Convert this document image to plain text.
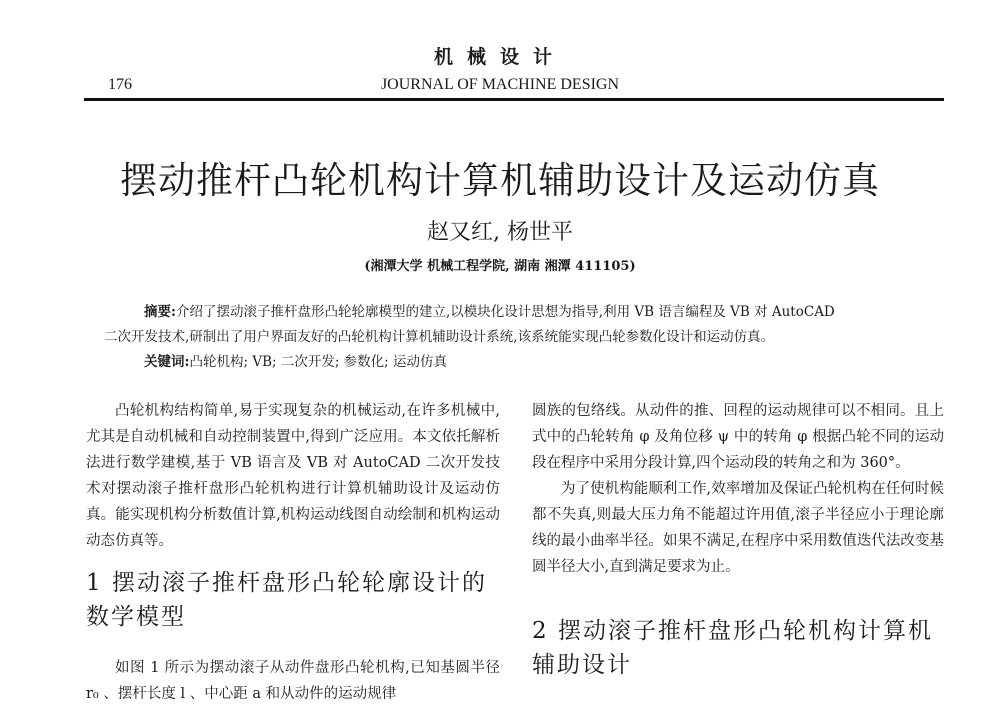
机械设计
176	JOURNAL OF MACHINE DESIGN
摆动推杆凸轮机构计算机辅助设计及运动仿真
赵又红, 杨世平
(湘潭大学 机械工程学院, 湖南 湘潭 411105)

摘要:介绍了摆动滚子推杆盘形凸轮轮廓模型的建立,以模块化设计思想为指导,利用 VB 语言编程及 VB 对 AutoCAD

二次开发技术,研制出了用户界面友好的凸轮机构计算机辅助设计系统,该系统能实现凸轮参数化设计和运动仿真。

关键词:凸轮机构; VB; 二次开发; 参数化; 运动仿真

凸轮机构结构简单,易于实现复杂的机械运动,在许多机械中,尤其是自动机械和自动控制装置中,得到广泛应用。本文依托解析法进行数学建模,基于 VB 语言及 VB 对 AutoCAD 二次开发技术对摆动滚子推杆盘形凸轮机构进行计算机辅助设计及运动仿真。能实现机构分析数值计算,机构运动线图自动绘制和机构运动动态仿真等。

1 摆动滚子推杆盘形凸轮轮廓设计的数学模型

如图 1 所示为摆动滚子从动件盘形凸轮机构,已知基圆半径 r₀ 、摆杆长度 l 、中心距 a 和从动件的运动规律

圆族的包络线。从动件的推、回程的运动规律可以不相同。且上式中的凸轮转角 φ 及角位移 ψ 中的转角 φ 根据凸轮不同的运动段在程序中采用分段计算,四个运动段的转角之和为 360°。

为了使机构能顺利工作,效率增加及保证凸轮机构在任何时候都不失真,则最大压力角不能超过许用值,滚子半径应小于理论廓线的最小曲率半径。如果不满足,在程序中采用数值迭代法改变基圆半径大小,直到满足要求为止。

2 摆动滚子推杆盘形凸轮机构计算机辅助设计
